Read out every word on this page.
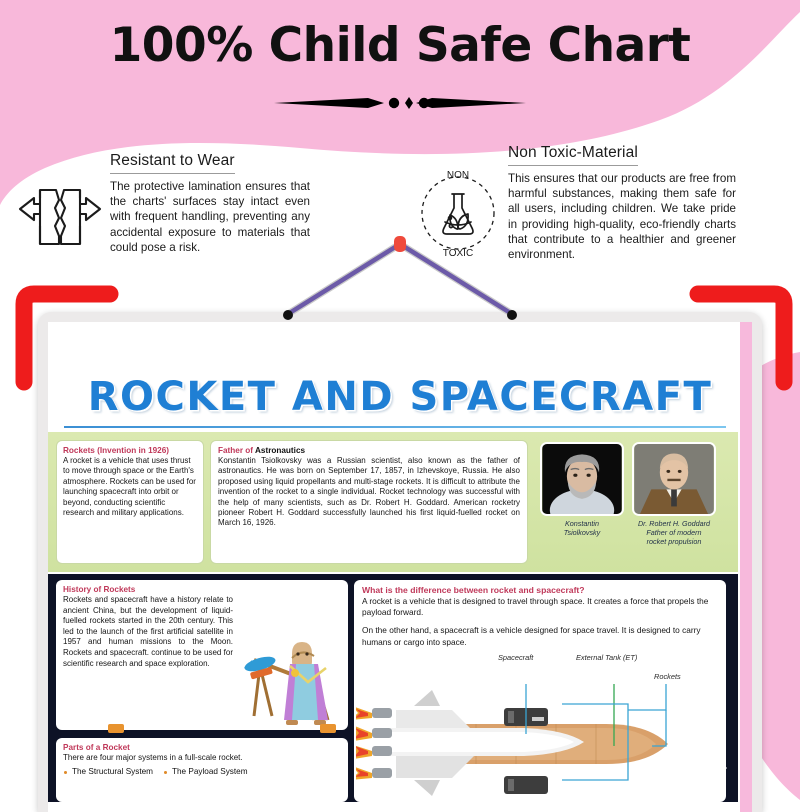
100% Child Safe Chart
Resistant to Wear
The protective lamination ensures that the charts' surfaces stay intact even with frequent handling, preventing any accidental exposure to materials that could pose a risk.
NON
TOXIC
Non Toxic-Material
This ensures that our products are free from harmful substances, making them safe for all users, including children. We take pride in providing high-quality, eco-friendly charts that contribute to a healthier and greener environment.
ROCKET AND SPACECRAFT
Rockets (Invention in 1926)
A rocket is a vehicle that uses thrust to move through space or the Earth's atmosphere. Rockets can be used for launching spacecraft into orbit or beyond, conducting scientific research and military applications.
Father of Astronautics
Konstantin Tsiolkovsky was a Russian scientist, also known as the father of astronautics. He was born on September 17, 1857, in Izhevskoye, Russia. He also proposed using liquid propellants and multi-stage rockets. It is difficult to attribute the invention of the rocket to a single individual. Rocket technology was successful with the help of many scientists, such as Dr. Robert H. Goddard. American rocketry pioneer Robert H. Goddard successfully launched his first liquid-fuelled rocket on March 16, 1926.	Konstantin
Tsiolkovsky
Dr. Robert H. Goddard
Father of modern
rocket propulsion
History of Rockets
Rockets and spacecraft have a history relate to ancient China, but the development of liquid-fuelled rockets started in the 20th century. This led to the launch of the first artificial satellite in 1957 and human missions to the Moon. Rockets and spacecraft. continue to be used for scientific research and space exploration.
Parts of a Rocket
There are four major systems in a full-scale rocket.
The Structural System	The Payload System
What is the difference between rocket and spacecraft?
A rocket is a vehicle that is designed to travel through space. It creates a force that propels the payload forward.
On the other hand, a spacecraft is a vehicle designed for space travel. It is designed to carry humans or cargo into space.
Spacecraft	External Tank (ET)
Rockets
